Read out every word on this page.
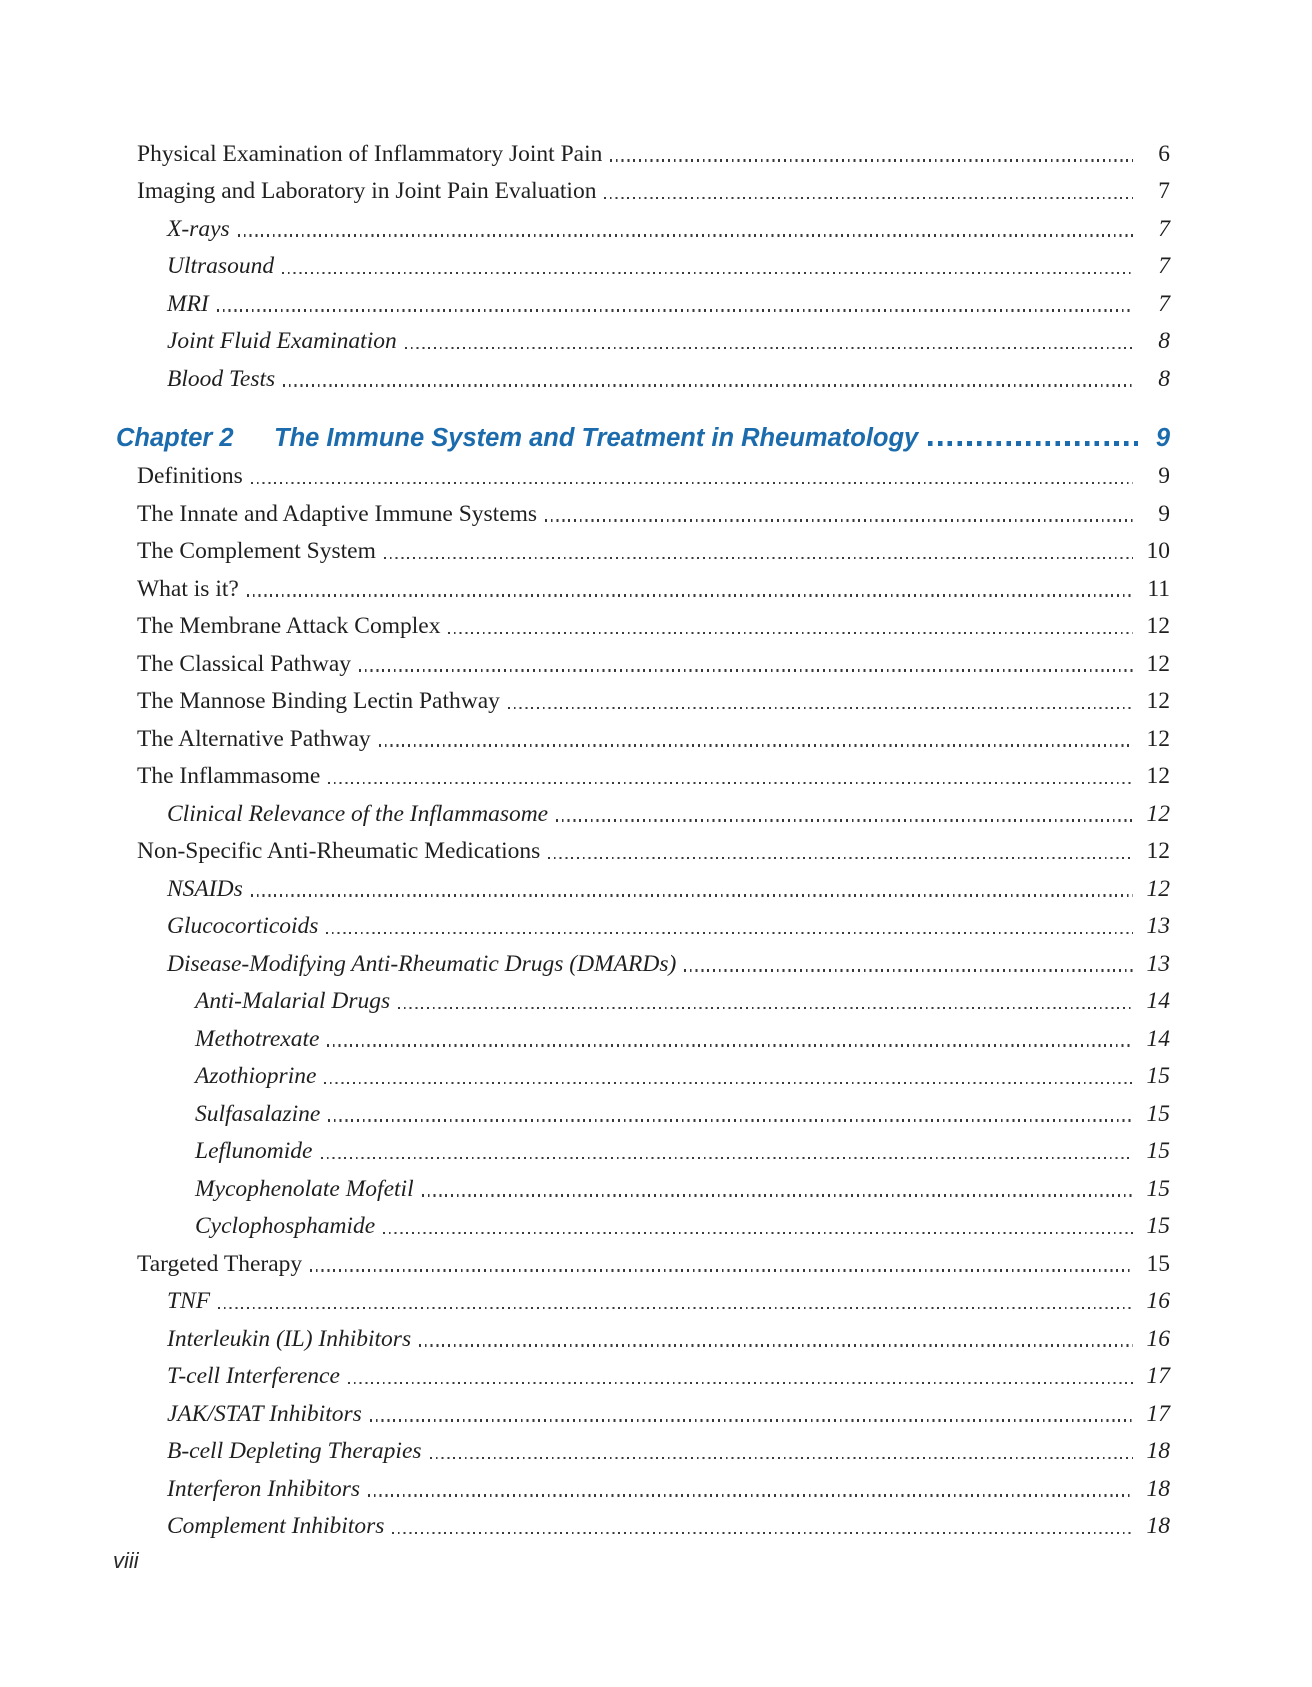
Physical Examination of Inflammatory Joint Pain	6
Imaging and Laboratory in Joint Pain Evaluation	7
X-rays	7
Ultrasound	7
MRI	7
Joint Fluid Examination	8
Blood Tests	8
Chapter 2	The Immune System and Treatment in Rheumatology	9
Definitions	9
The Innate and Adaptive Immune Systems	9
The Complement System	10
What is it?	11
The Membrane Attack Complex	12
The Classical Pathway	12
The Mannose Binding Lectin Pathway	12
The Alternative Pathway	12
The Inflammasome	12
Clinical Relevance of the Inflammasome	12
Non-Specific Anti-Rheumatic Medications	12
NSAIDs	12
Glucocorticoids	13
Disease-Modifying Anti-Rheumatic Drugs (DMARDs)	13
Anti-Malarial Drugs	14
Methotrexate	14
Azothioprine	15
Sulfasalazine	15
Leflunomide	15
Mycophenolate Mofetil	15
Cyclophosphamide	15
Targeted Therapy	15
TNF	16
Interleukin (IL) Inhibitors	16
T-cell Interference	17
JAK/STAT Inhibitors	17
B-cell Depleting Therapies	18
Interferon Inhibitors	18
Complement Inhibitors	18
viii
